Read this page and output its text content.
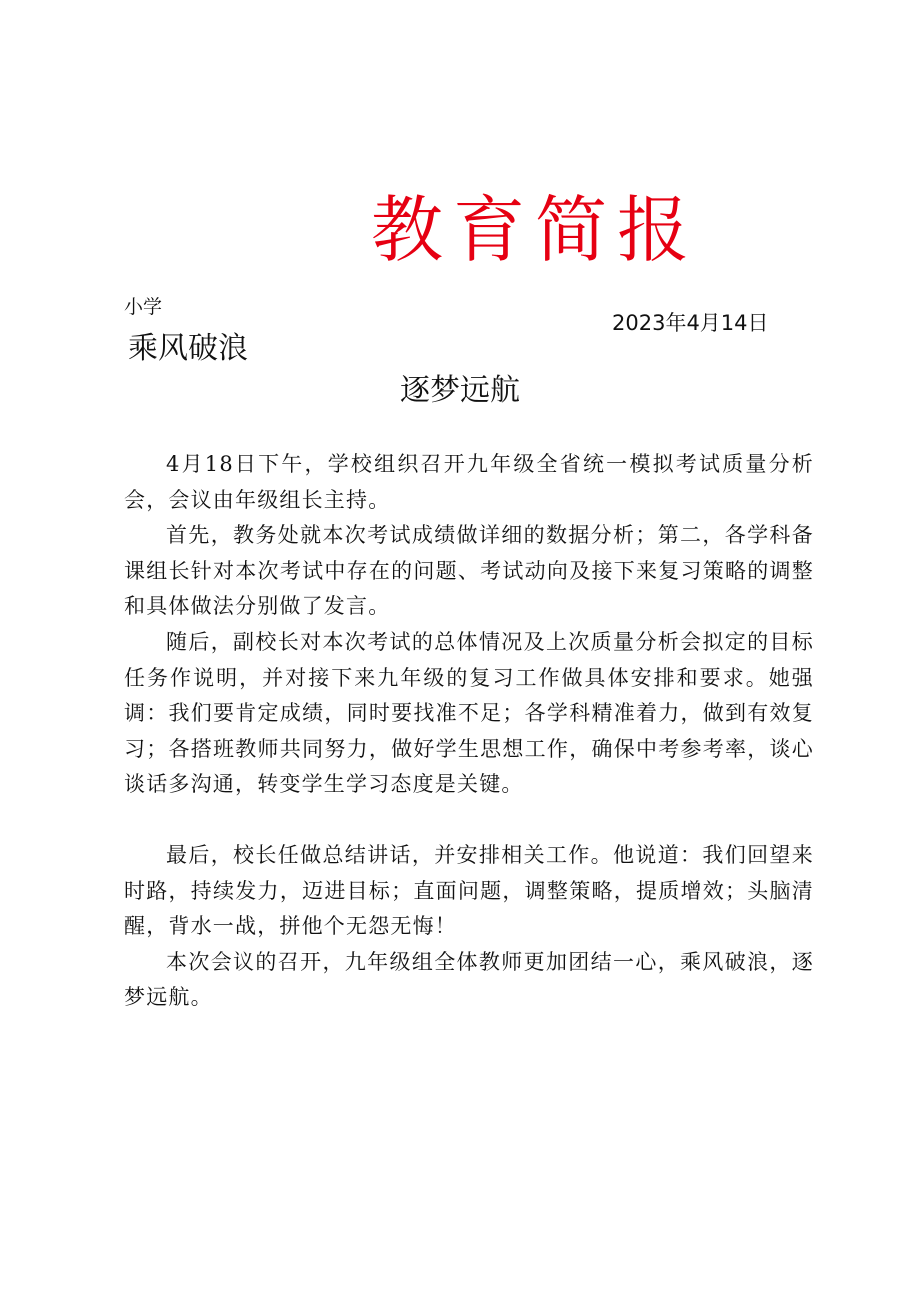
教育简报
小学
2023年4月14日
乘风破浪
逐梦远航

4月18日下午，学校组织召开九年级全省统一模拟考试质量分析会，会议由年级组长主持。

首先，教务处就本次考试成绩做详细的数据分析；第二，各学科备课组长针对本次考试中存在的问题、考试动向及接下来复习策略的调整和具体做法分别做了发言。

随后，副校长对本次考试的总体情况及上次质量分析会拟定的目标任务作说明，并对接下来九年级的复习工作做具体安排和要求。她强调：我们要肯定成绩，同时要找准不足；各学科精准着力，做到有效复习；各搭班教师共同努力，做好学生思想工作，确保中考参考率，谈心谈话多沟通，转变学生学习态度是关键。

最后，校长任做总结讲话，并安排相关工作。他说道：我们回望来时路，持续发力，迈进目标；直面问题，调整策略，提质增效；头脑清醒，背水一战，拼他个无怨无悔！

本次会议的召开，九年级组全体教师更加团结一心，乘风破浪，逐梦远航。
